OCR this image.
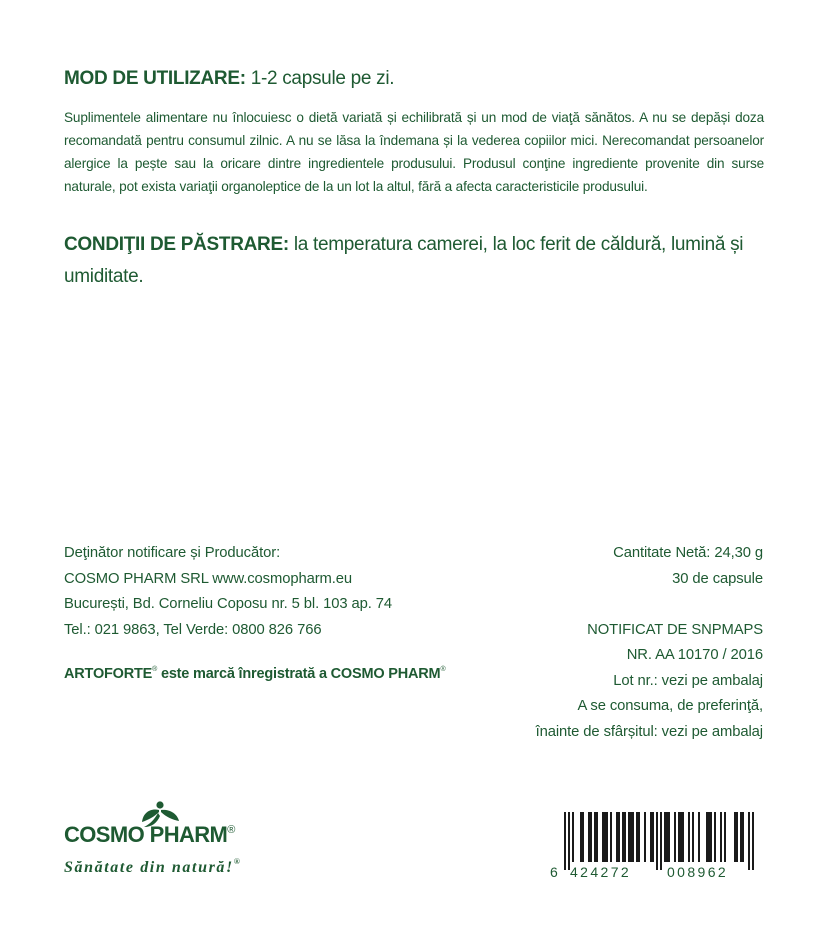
MOD DE UTILIZARE: 1-2 capsule pe zi.
Suplimentele alimentare nu înlocuiesc o dietă variată și echilibrată și un mod de viaţă sănătos. A nu se depăși doza recomandată pentru consumul zilnic. A nu se lăsa la îndemana și la vederea copiilor mici. Nerecomandat persoanelor alergice la pește sau la oricare dintre ingredientele produsului. Produsul conţine ingrediente provenite din surse naturale, pot exista variaţii organoleptice de la un lot la altul, fără a afecta caracteristicile produsului.
CONDIŢII DE PĂSTRARE: la temperatura camerei, la loc ferit de căldură, lumină și umiditate.
Deţinător notificare și Producător:
COSMO PHARM SRL www.cosmopharm.eu
București, Bd. Corneliu Coposu nr. 5 bl. 103 ap. 74
Tel.: 021 9863, Tel Verde: 0800 826 766
ARTOFORTE® este marcă înregistrată a COSMO PHARM®
Cantitate Netă: 24,30 g
30 de capsule
NOTIFICAT DE SNPMAPS
NR. AA 10170 / 2016
Lot nr.: vezi pe ambalaj
A se consuma, de preferinţă,
înainte de sfârșitul: vezi pe ambalaj
COSMO PHARM®
Sănătate din natură!®
6 424272	008962
